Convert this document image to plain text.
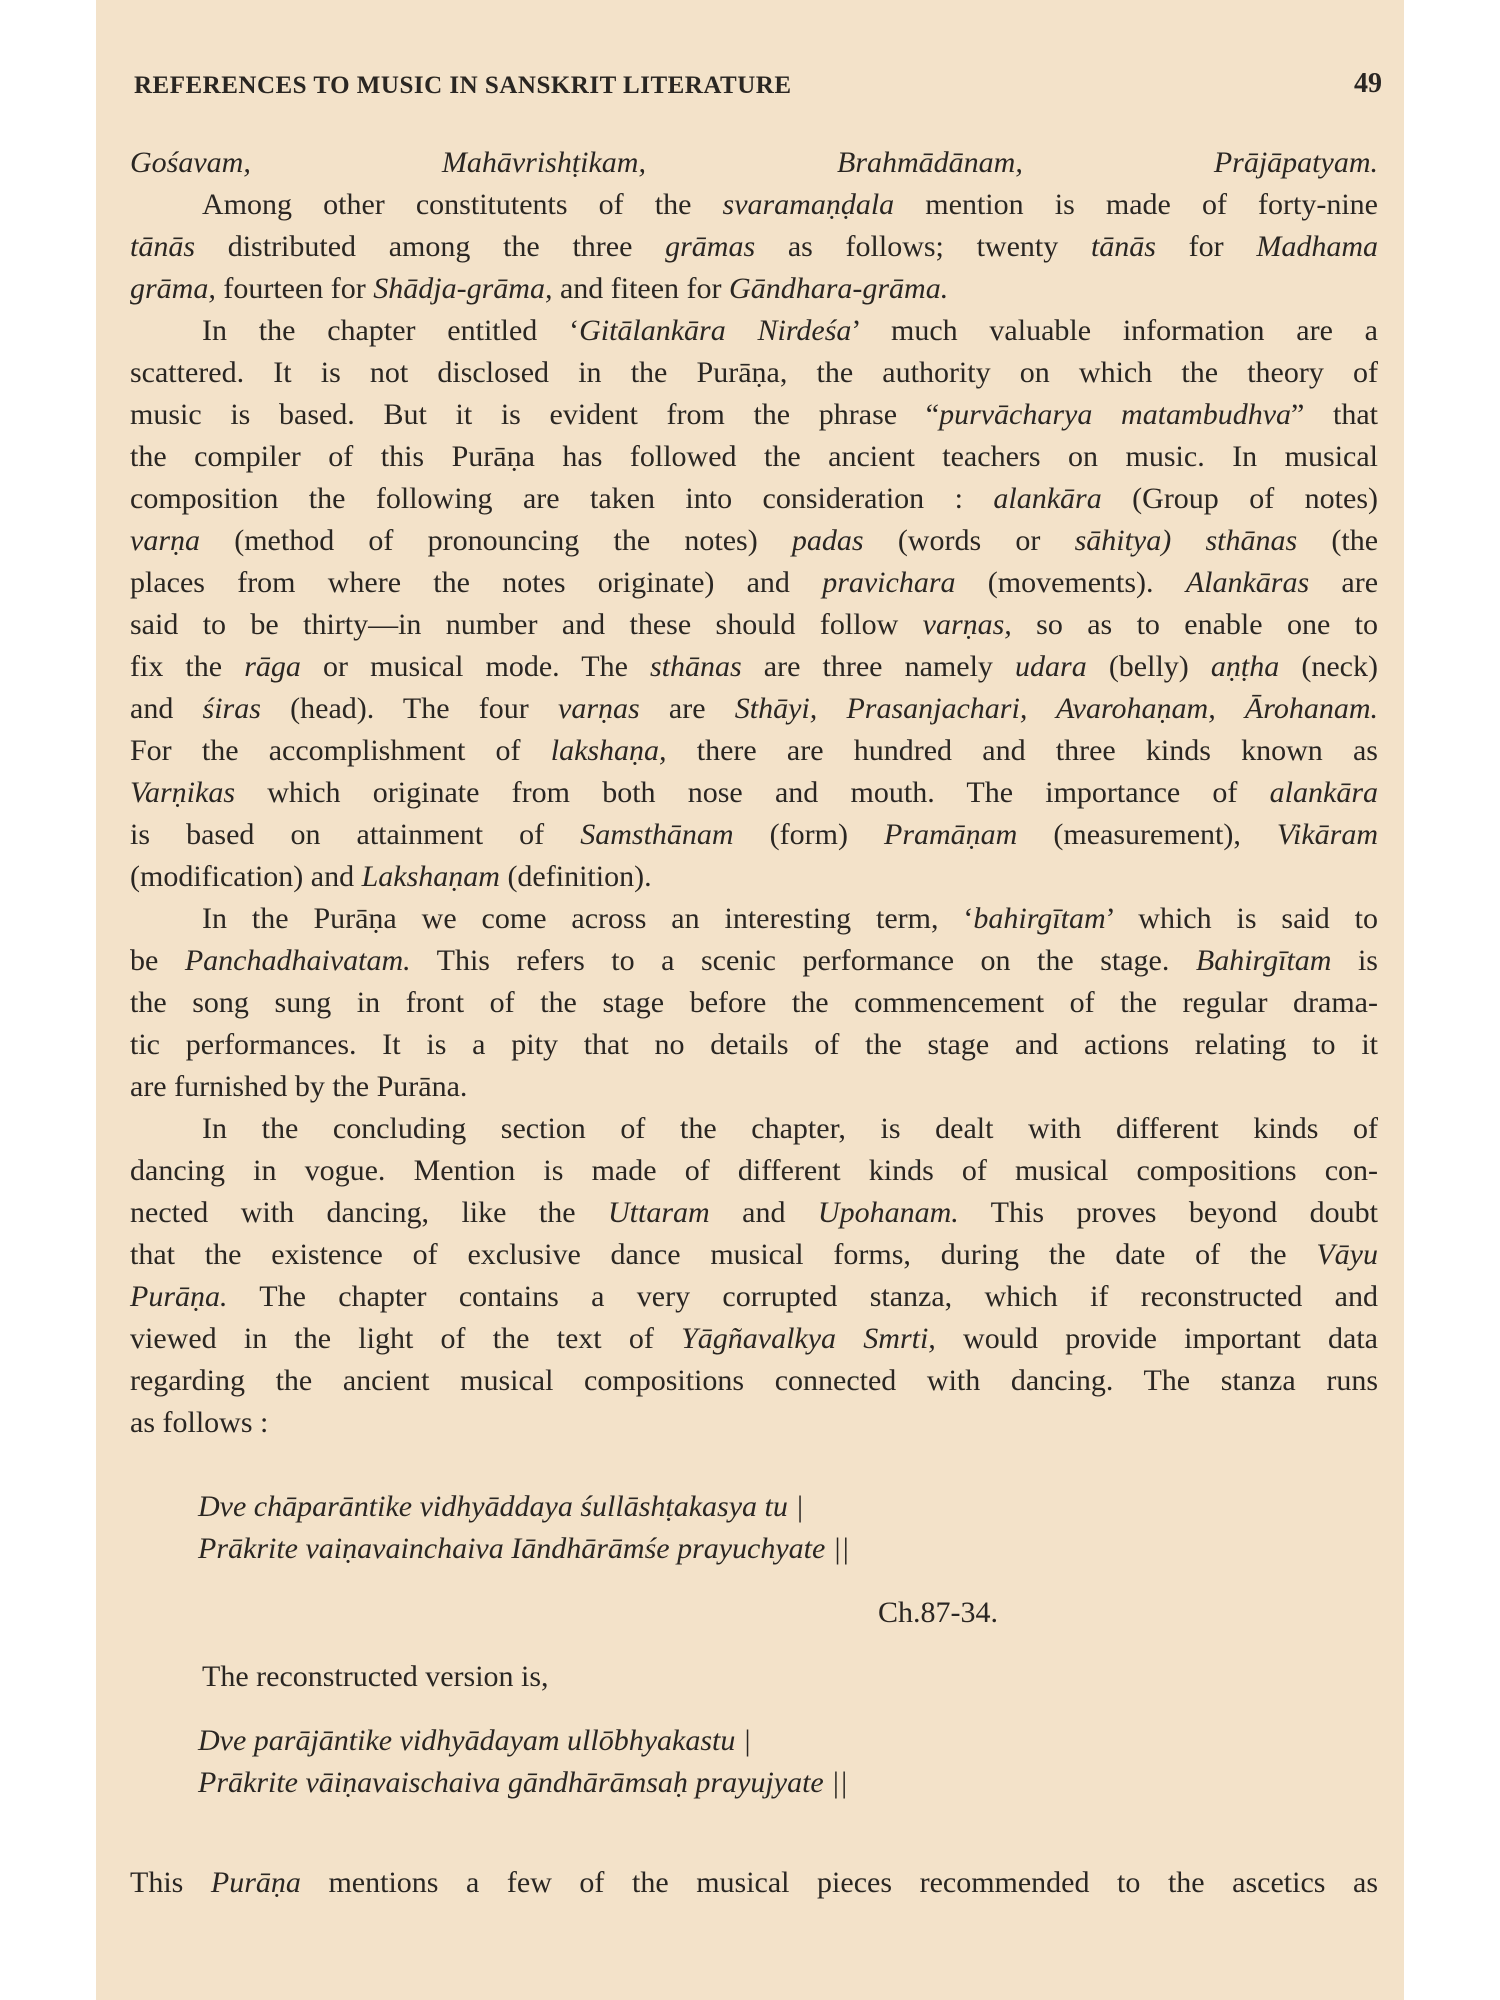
REFERENCES TO MUSIC IN SANSKRIT LITERATURE	49
Gośavam, Mahāvrishṭikam, Brahmādānam, Prājāpatyam.
Among other constitutents of the svaramaṇḍala mention is made of forty-nine
tānās distributed among the three grāmas as follows; twenty tānās for Madhama
grāma, fourteen for Shādja-grāma, and fiteen for Gāndhara-grāma.
In the chapter entitled ‘Gitālankāra Nirdeśa’ much valuable information are a
scattered. It is not disclosed in the Purāṇa, the authority on which the theory of
music is based. But it is evident from the phrase “purvācharya matambudhva” that
the compiler of this Purāṇa has followed the ancient teachers on music. In musical
composition the following are taken into consideration : alankāra (Group of notes)
varṇa (method of pronouncing the notes) padas (words or sāhitya) sthānas (the
places from where the notes originate) and pravichara (movements). Alankāras are
said to be thirty—in number and these should follow varṇas, so as to enable one to
fix the rāga or musical mode. The sthānas are three namely udara (belly) aṇṭha (neck)
and śiras (head). The four varṇas are Sthāyi, Prasanjachari, Avarohaṇam, Ārohanam.
For the accomplishment of lakshaṇa, there are hundred and three kinds known as
Varṇikas which originate from both nose and mouth. The importance of alankāra
is based on attainment of Samsthānam (form) Pramāṇam (measurement), Vikāram
(modification) and Lakshaṇam (definition).
In the Purāṇa we come across an interesting term, ‘bahirgītam’ which is said to
be Panchadhaivatam. This refers to a scenic performance on the stage. Bahirgītam is
the song sung in front of the stage before the commencement of the regular drama-
tic performances. It is a pity that no details of the stage and actions relating to it
are furnished by the Purāna.
In the concluding section of the chapter, is dealt with different kinds of
dancing in vogue. Mention is made of different kinds of musical compositions con-
nected with dancing, like the Uttaram and Upohanam. This proves beyond doubt
that the existence of exclusive dance musical forms, during the date of the Vāyu
Purāṇa. The chapter contains a very corrupted stanza, which if reconstructed and
viewed in the light of the text of Yāgñavalkya Smrti, would provide important data
regarding the ancient musical compositions connected with dancing. The stanza runs
as follows :
Dve chāparāntike vidhyāddaya śullāshṭakasya tu |
Prākrite vaiṇavainchaiva Iāndhārāmśe prayuchyate ||
Ch.87-34.
The reconstructed version is,
Dve parājāntike vidhyādayam ullōbhyakastu |
Prākrite vāiṇavaischaiva gāndhārāmsaḥ prayujyate ||
This Purāṇa mentions a few of the musical pieces recommended to the ascetics as
